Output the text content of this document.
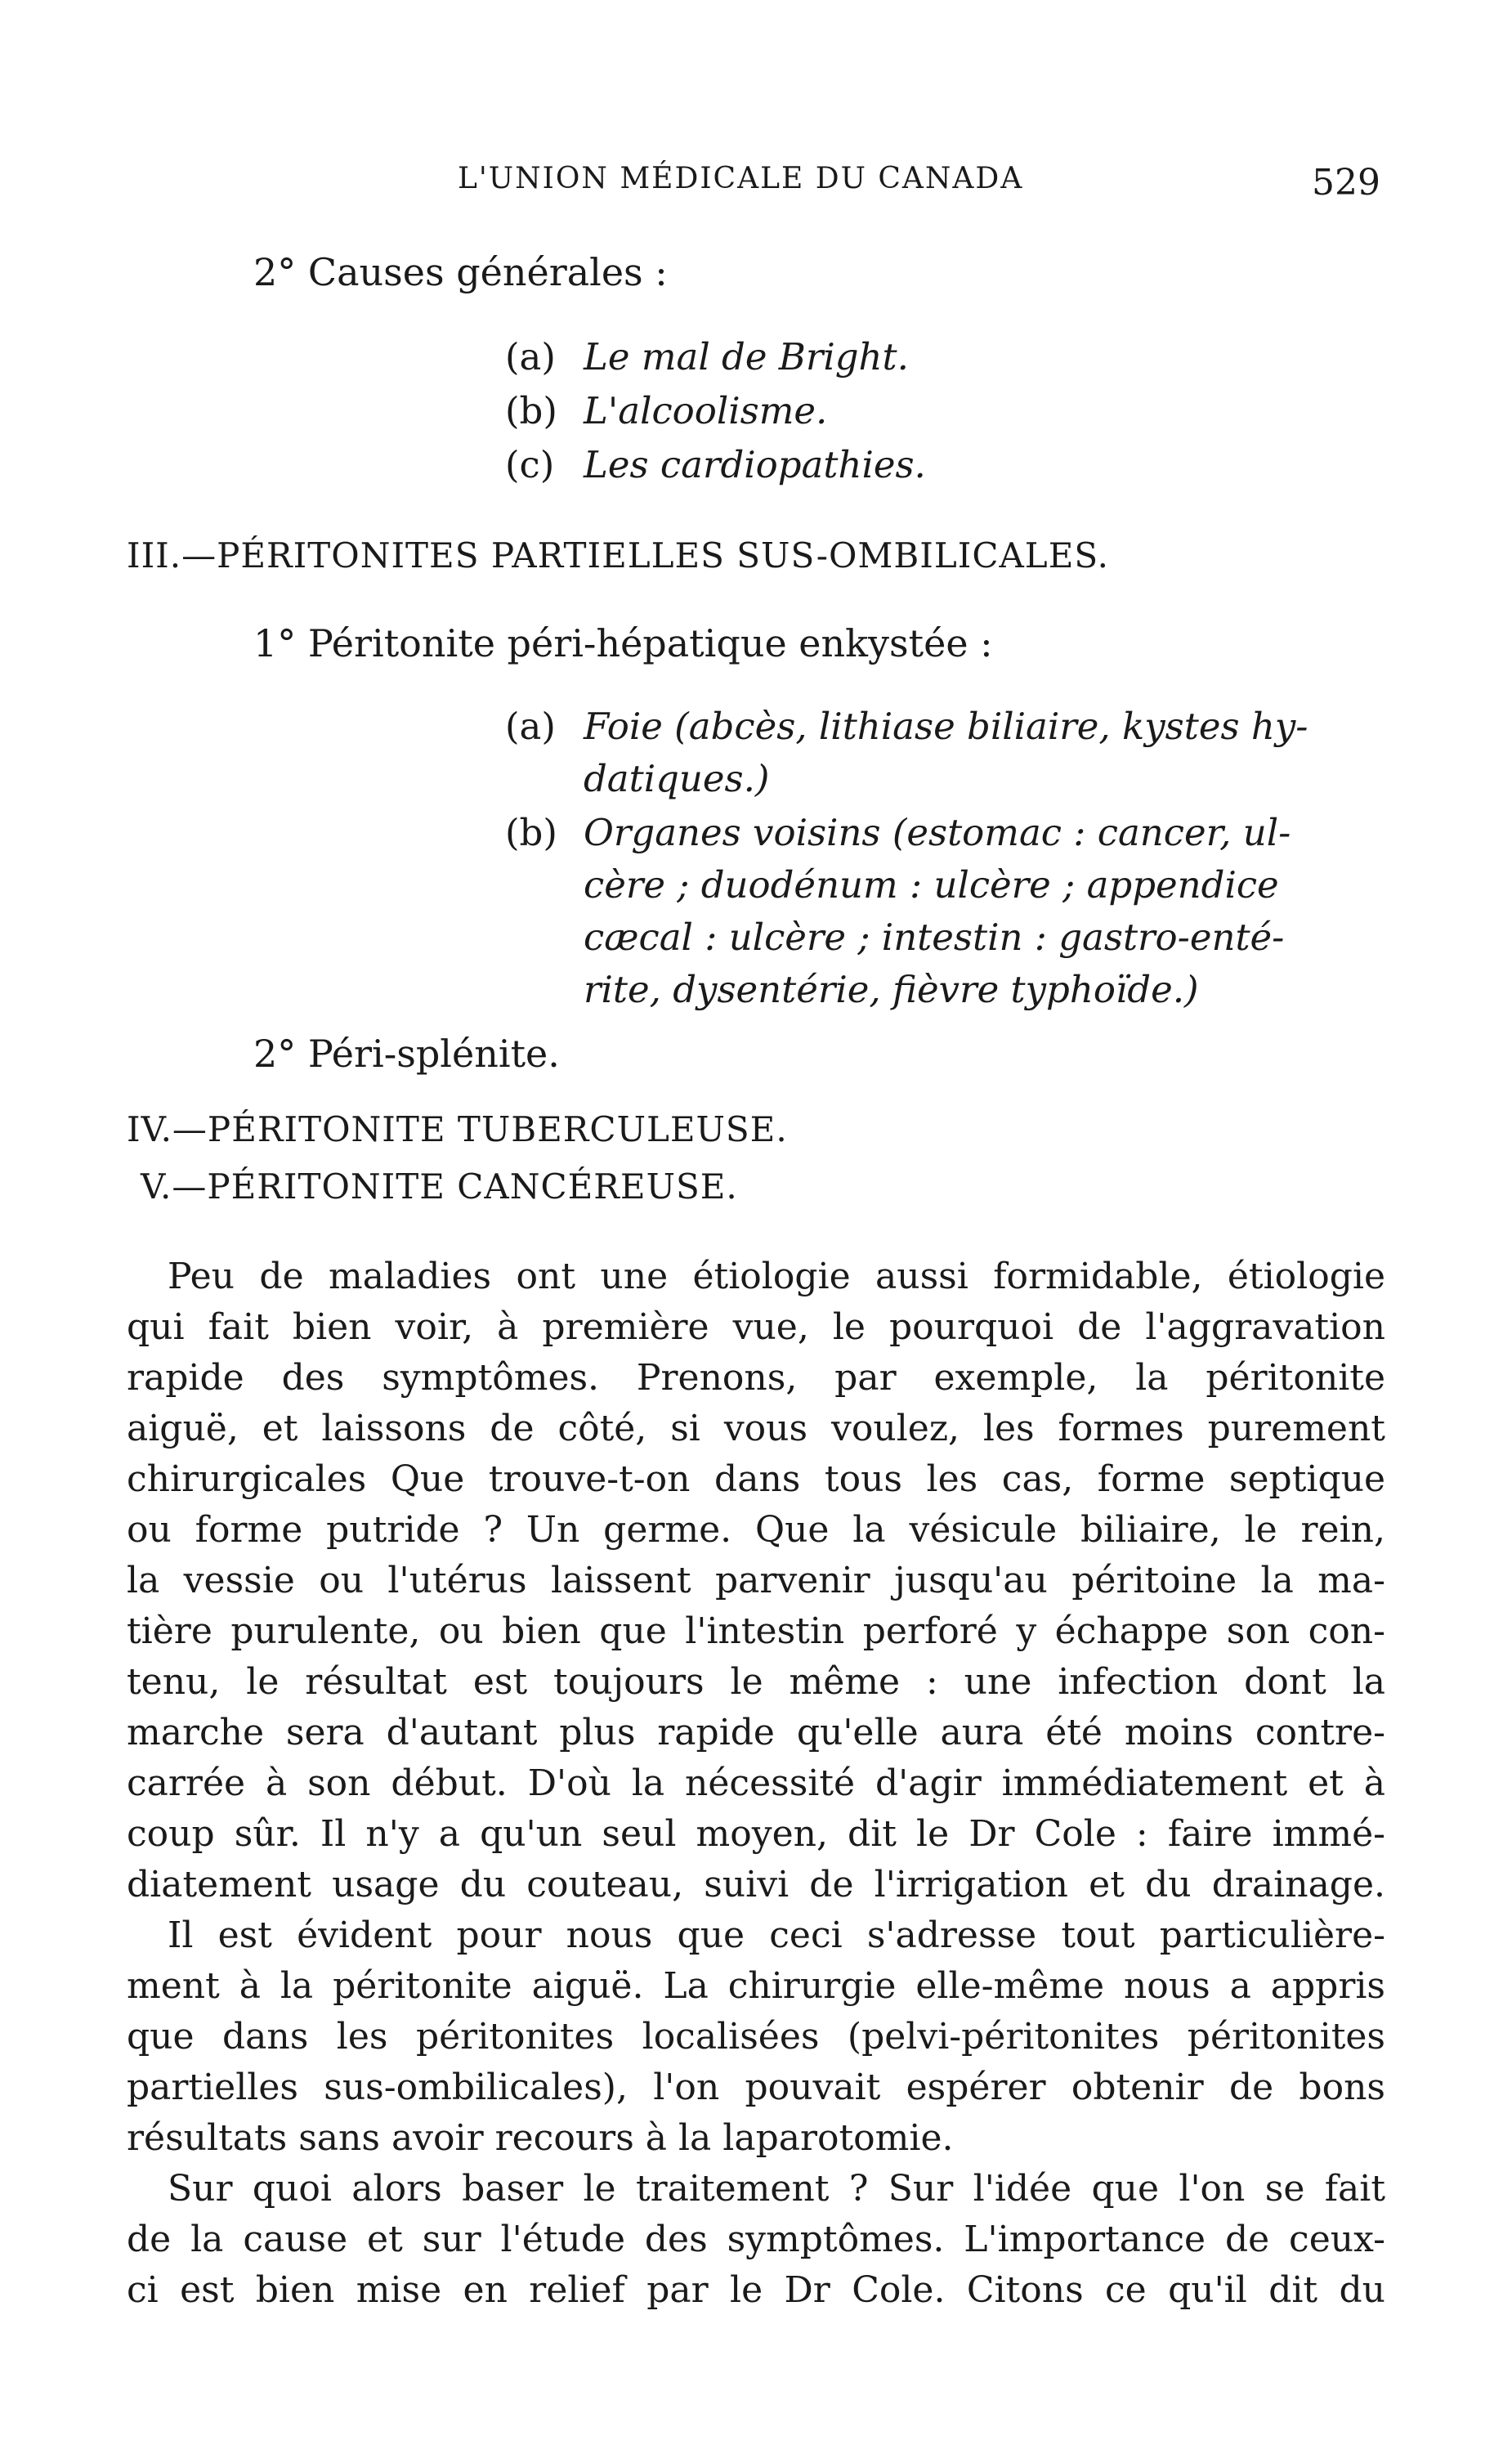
L'UNION MÉDICALE DU CANADA	529
2° Causes générales :
(a) Le mal de Bright.
(b) L'alcoolisme.
(c) Les cardiopathies.
III.—PÉRITONITES PARTIELLES SUS-OMBILICALES.
1° Péritonite péri-hépatique enkystée :
(a) Foie (abcès, lithiase biliaire, kystes hy-
datiques.)
(b) Organes voisins (estomac : cancer, ul-
cère ; duodénum : ulcère ; appendice
cæcal : ulcère ; intestin : gastro-enté-
rite, dysentérie, fièvre typhoïde.)
2° Péri-splénite.
IV.—PÉRITONITE TUBERCULEUSE.
V.—PÉRITONITE CANCÉREUSE.
Peu de maladies ont une étiologie aussi formidable, étiologie
qui fait bien voir, à première vue, le pourquoi de l'aggravation
rapide des symptômes. Prenons, par exemple, la péritonite
aiguë, et laissons de côté, si vous voulez, les formes purement
chirurgicales Que trouve-t-on dans tous les cas, forme septique
ou forme putride ? Un germe. Que la vésicule biliaire, le rein,
la vessie ou l'utérus laissent parvenir jusqu'au péritoine la ma-
tière purulente, ou bien que l'intestin perforé y échappe son con-
tenu, le résultat est toujours le même : une infection dont la
marche sera d'autant plus rapide qu'elle aura été moins contre-
carrée à son début. D'où la nécessité d'agir immédiatement et à
coup sûr. Il n'y a qu'un seul moyen, dit le Dr Cole : faire immé-
diatement usage du couteau, suivi de l'irrigation et du drainage.
Il est évident pour nous que ceci s'adresse tout particulière-
ment à la péritonite aiguë. La chirurgie elle-même nous a appris
que dans les péritonites localisées (pelvi-péritonites péritonites
partielles sus-ombilicales), l'on pouvait espérer obtenir de bons
résultats sans avoir recours à la laparotomie.
Sur quoi alors baser le traitement ? Sur l'idée que l'on se fait
de la cause et sur l'étude des symptômes. L'importance de ceux-
ci est bien mise en relief par le Dr Cole. Citons ce qu'il dit du
